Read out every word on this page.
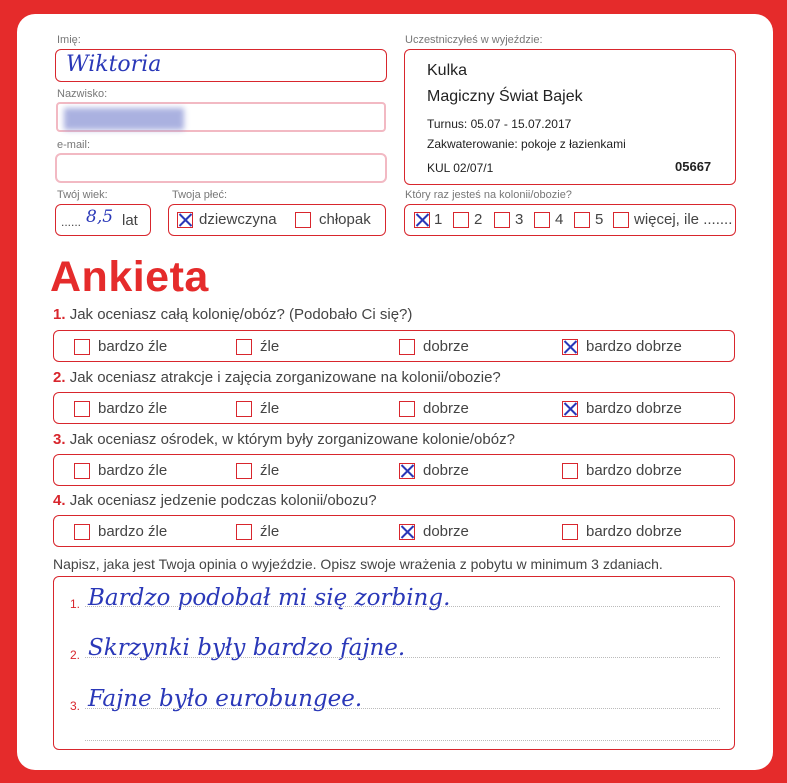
Imię:
Wiktoria
Nazwisko:
e-mail:
Twój wiek:
...... 8,5 lat
Twoja płeć:
dziewczyna	chłopak
Uczestniczyłeś w wyjeździe:
Kulka
Magiczny Świat Bajek
Turnus: 05.07 - 15.07.2017
Zakwaterowanie: pokoje z łazienkami
KUL 02/07/1	05667
Który raz jesteś na kolonii/obozie?
1 2 3 4 5 więcej, ile .......
Ankieta
1. Jak oceniasz całą kolonię/obóz? (Podobało Ci się?)
bardzo źle	źle	dobrze	bardzo dobrze
2. Jak oceniasz atrakcje i zajęcia zorganizowane na kolonii/obozie?
bardzo źle	źle	dobrze	bardzo dobrze
3. Jak oceniasz ośrodek, w którym były zorganizowane kolonie/obóz?
bardzo źle	źle	dobrze	bardzo dobrze
4. Jak oceniasz jedzenie podczas kolonii/obozu?
bardzo źle	źle	dobrze	bardzo dobrze
Napisz, jaka jest Twoja opinia o wyjeździe. Opisz swoje wrażenia z pobytu w minimum 3 zdaniach.
1. Bardzo podobał mi się zorbing.
2. Skrzynki były bardzo fajne.
3. Fajne było eurobungee.
